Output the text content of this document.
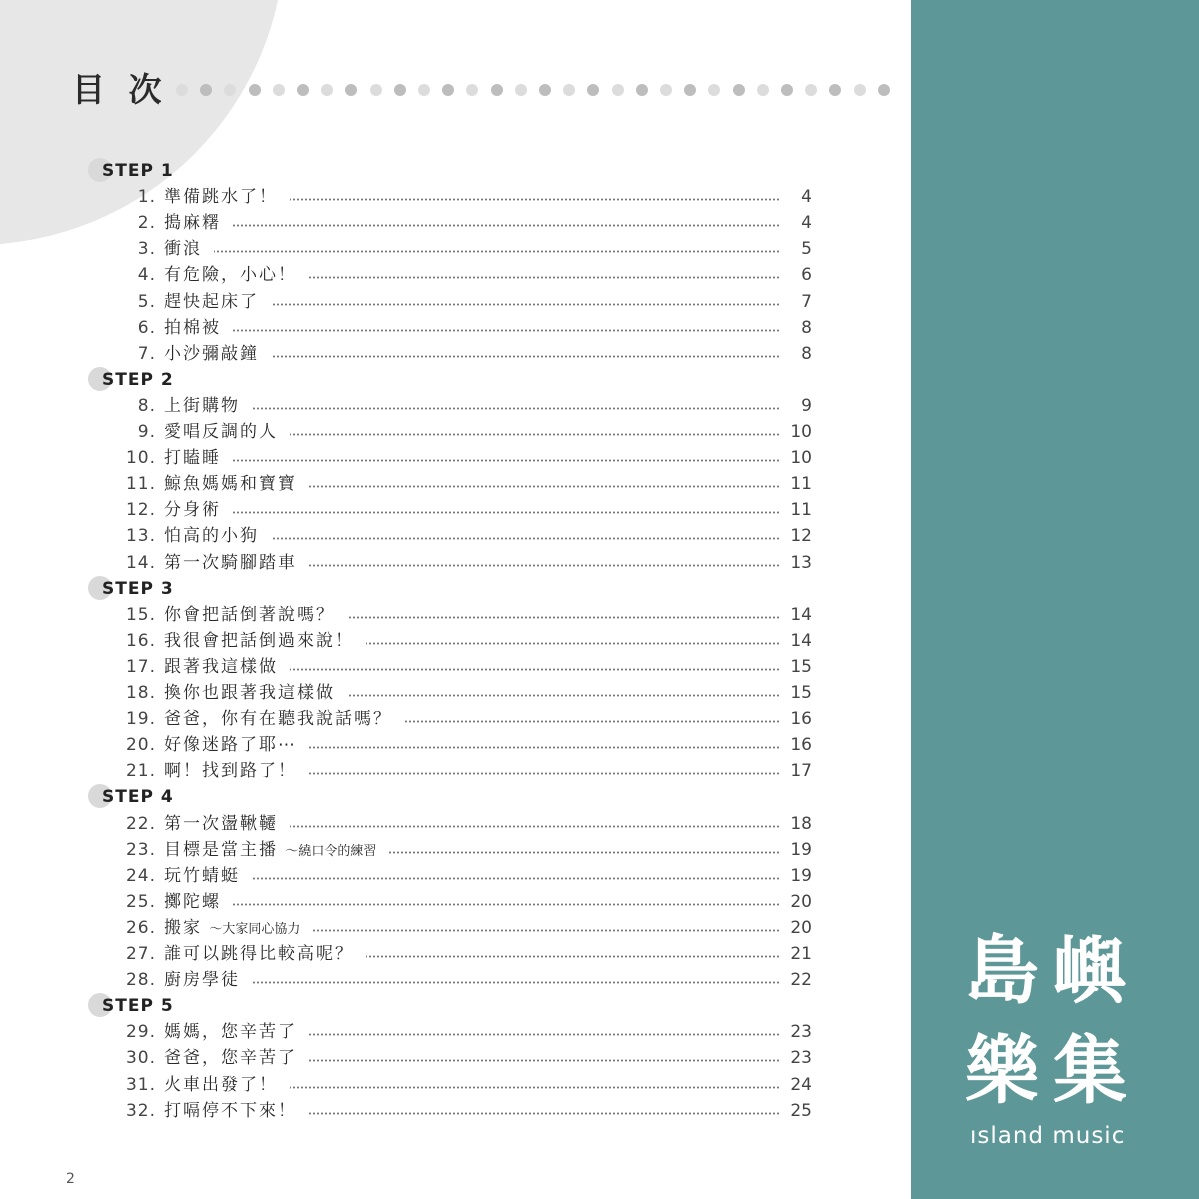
目 次
STEP 1
1. 準備跳水了！	4
2. 搗麻糬	4
3. 衝浪	5
4. 有危險，小心！	6
5. 趕快起床了	7
6. 拍棉被	8
7. 小沙彌敲鐘	8
STEP 2
8. 上街購物	9
9. 愛唱反調的人	10
10. 打瞌睡	10
11. 鯨魚媽媽和寶寶	11
12. 分身術	11
13. 怕高的小狗	12
14. 第一次騎腳踏車	13
STEP 3
15. 你會把話倒著說嗎？	14
16. 我很會把話倒過來說！	14
17. 跟著我這樣做	15
18. 換你也跟著我這樣做	15
19. 爸爸，你有在聽我說話嗎？	16
20. 好像迷路了耶⋯	16
21. 啊！找到路了！	17
STEP 4
22. 第一次盪鞦韆	18
23. 目標是當主播 ～繞口令的練習	19
24. 玩竹蜻蜓	19
25. 擲陀螺	20
26. 搬家 ～大家同心協力	20
27. 誰可以跳得比較高呢？	21
28. 廚房學徒	22
STEP 5
29. 媽媽，您辛苦了	23
30. 爸爸，您辛苦了	23
31. 火車出發了！	24
32. 打嗝停不下來！	25
2
島嶼
樂集
ısland music
